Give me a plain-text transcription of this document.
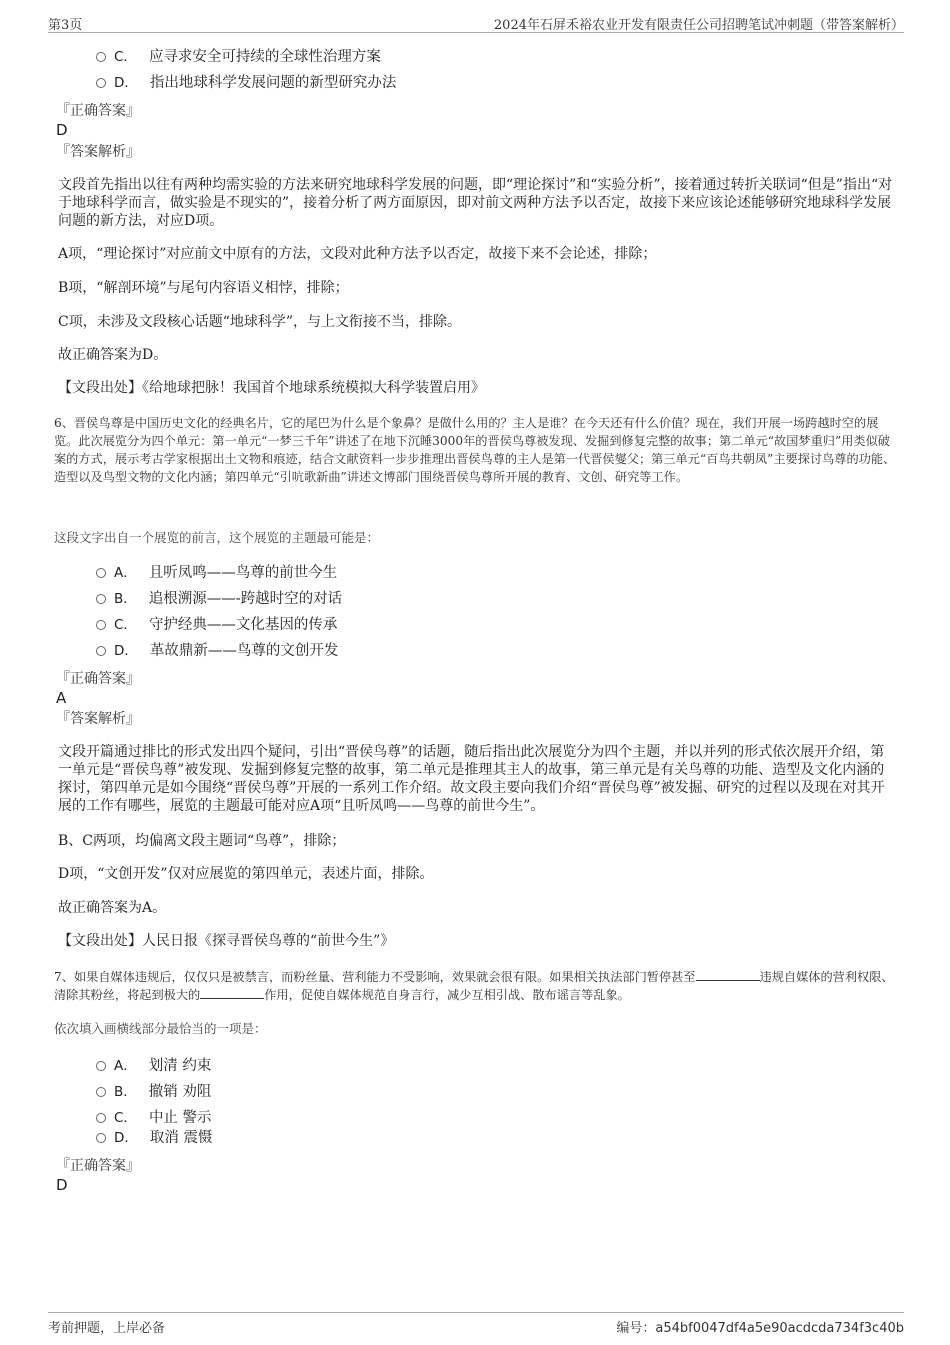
第3页	2024年石屏禾裕农业开发有限责任公司招聘笔试冲刺题（带答案解析）
C． 应寻求安全可持续的全球性治理方案
D． 指出地球科学发展问题的新型研究办法
『正确答案』
D
『答案解析』
文段首先指出以往有两种均需实验的方法来研究地球科学发展的问题，即“理论探讨”和“实验分析”，接着通过转折关联词“但是”指出“对于地球科学而言，做实验是不现实的”，接着分析了两方面原因，即对前文两种方法予以否定，故接下来应该论述能够研究地球科学发展问题的新方法，对应D项。
A项，“理论探讨”对应前文中原有的方法，文段对此种方法予以否定，故接下来不会论述，排除；
B项，“解剖环境”与尾句内容语义相悖，排除；
C项，未涉及文段核心话题“地球科学”，与上文衔接不当，排除。
故正确答案为D。
【文段出处】《给地球把脉！我国首个地球系统模拟大科学装置启用》
6、晋侯鸟尊是中国历史文化的经典名片，它的尾巴为什么是个象鼻？是做什么用的？主人是谁？在今天还有什么价值？现在，我们开展一场跨越时空的展览。此次展览分为四个单元：第一单元“一梦三千年”讲述了在地下沉睡3000年的晋侯鸟尊被发现、发掘到修复完整的故事；第二单元“故国梦重归”用类似破案的方式，展示考古学家根据出土文物和痕迹，结合文献资料一步步推理出晋侯鸟尊的主人是第一代晋侯燮父；第三单元“百鸟共朝凤”主要探讨鸟尊的功能、造型以及鸟型文物的文化内涵；第四单元“引吭歌新曲”讲述文博部门围绕晋侯鸟尊所开展的教育、文创、研究等工作。
这段文字出自一个展览的前言，这个展览的主题最可能是：
A． 且听凤鸣——鸟尊的前世今生
B． 追根溯源——-跨越时空的对话
C． 守护经典——文化基因的传承
D． 革故鼎新——鸟尊的文创开发
『正确答案』
A
『答案解析』
文段开篇通过排比的形式发出四个疑问，引出“晋侯鸟尊”的话题，随后指出此次展览分为四个主题，并以并列的形式依次展开介绍，第一单元是“晋侯鸟尊”被发现、发掘到修复完整的故事，第二单元是推理其主人的故事，第三单元是有关鸟尊的功能、造型及文化内涵的探讨，第四单元是如今围绕“晋侯鸟尊”开展的一系列工作介绍。故文段主要向我们介绍“晋侯鸟尊”被发掘、研究的过程以及现在对其开展的工作有哪些，展览的主题最可能对应A项“且听凤鸣——鸟尊的前世今生”。
B、C两项，均偏离文段主题词“鸟尊”，排除；
D项，“文创开发”仅对应展览的第四单元，表述片面，排除。
故正确答案为A。
【文段出处】人民日报《探寻晋侯鸟尊的“前世今生”》
7、如果自媒体违规后，仅仅只是被禁言，而粉丝量、营利能力不受影响，效果就会很有限。如果相关执法部门暂停甚至	违规自媒体的营利权限、清除其粉丝，将起到极大的	作用，促使自媒体规范自身言行，减少互相引战、散布谣言等乱象。
依次填入画横线部分最恰当的一项是：
A． 划清 约束
B． 撤销 劝阻
C． 中止 警示
D． 取消 震慑
『正确答案』
D
考前押题，上岸必备	编号：a54bf0047df4a5e90acdcda734f3c40b
